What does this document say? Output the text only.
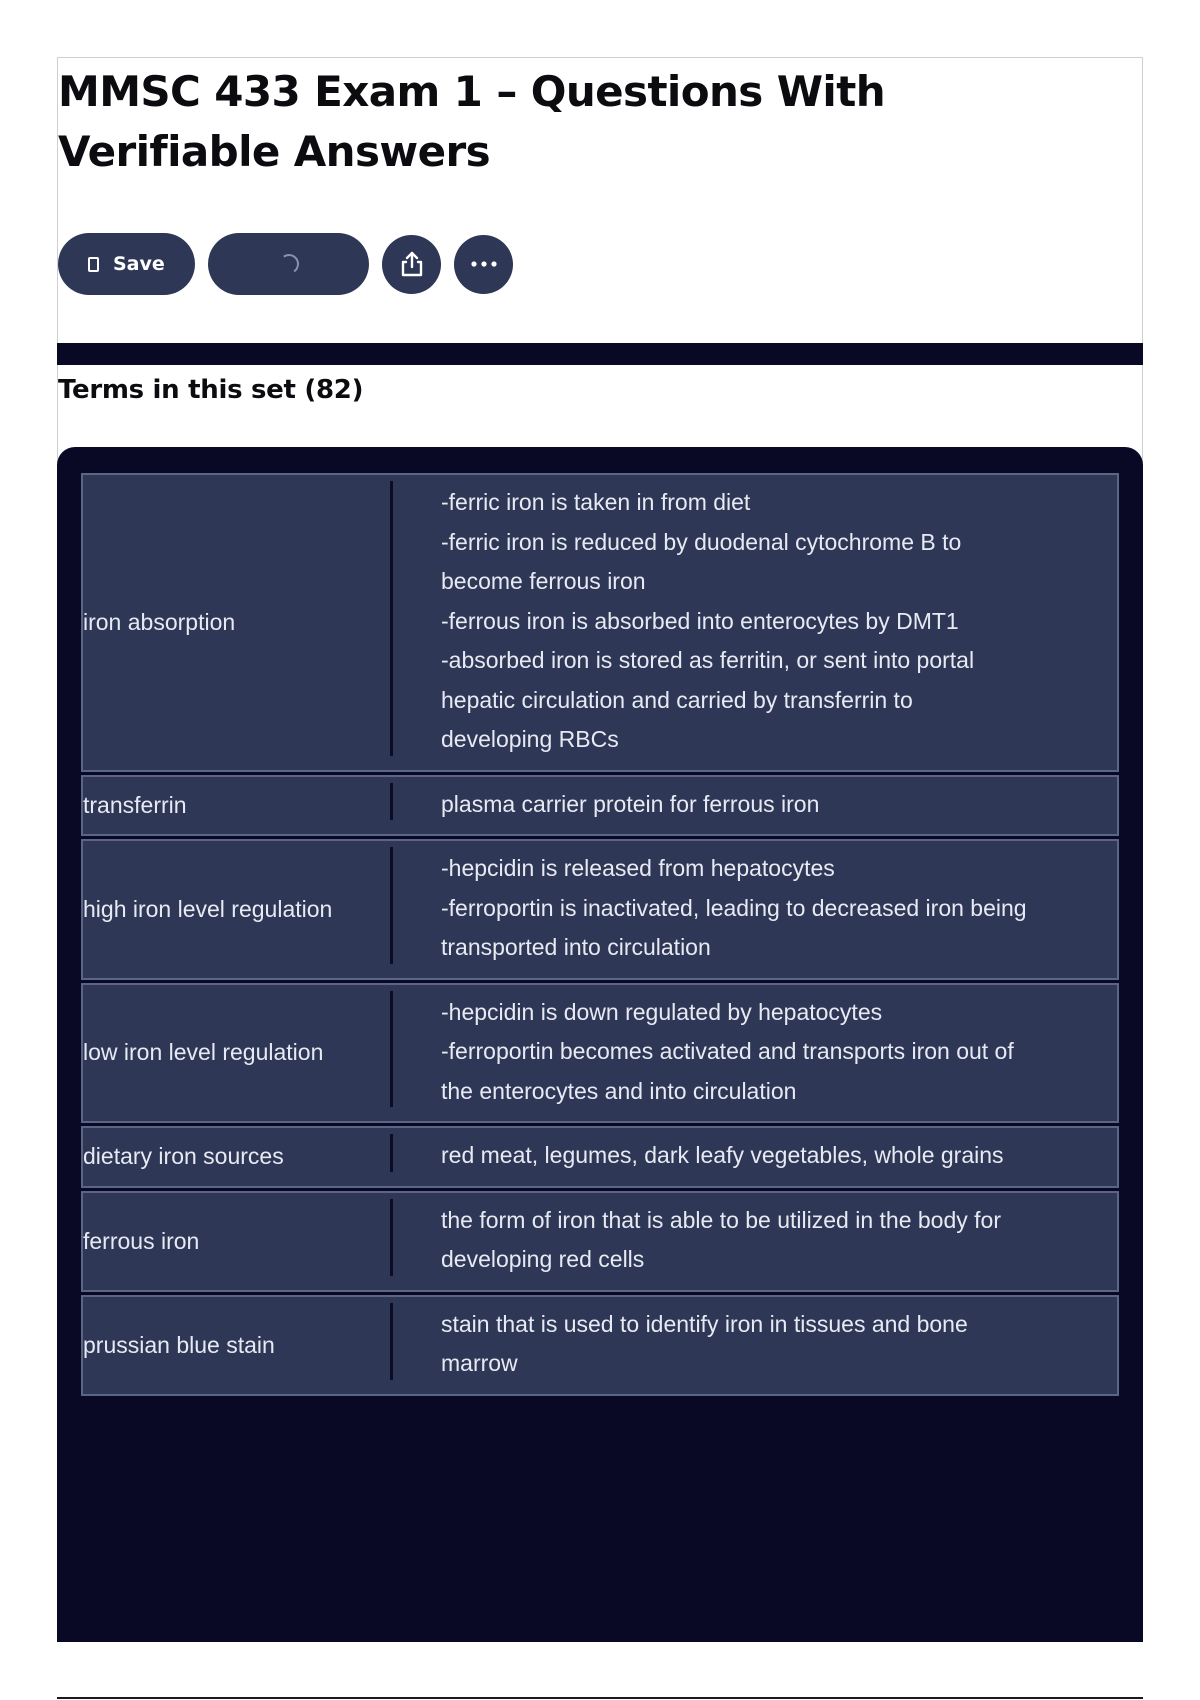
MMSC 433 Exam 1 – Questions With Verifiable Answers
Save
Terms in this set (82)
iron absorption
-ferric iron is taken in from diet
-ferric iron is reduced by duodenal cytochrome B to become ferrous iron
-ferrous iron is absorbed into enterocytes by DMT1
-absorbed iron is stored as ferritin, or sent into portal hepatic circulation and carried by transferrin to developing RBCs
transferrin	plasma carrier protein for ferrous iron
high iron level regulation
-hepcidin is released from hepatocytes
-ferroportin is inactivated, leading to decreased iron being transported into circulation
low iron level regulation
-hepcidin is down regulated by hepatocytes
-ferroportin becomes activated and transports iron out of the enterocytes and into circulation
dietary iron sources	red meat, legumes, dark leafy vegetables, whole grains
ferrous iron
the form of iron that is able to be utilized in the body for developing red cells
prussian blue stain
stain that is used to identify iron in tissues and bone marrow
